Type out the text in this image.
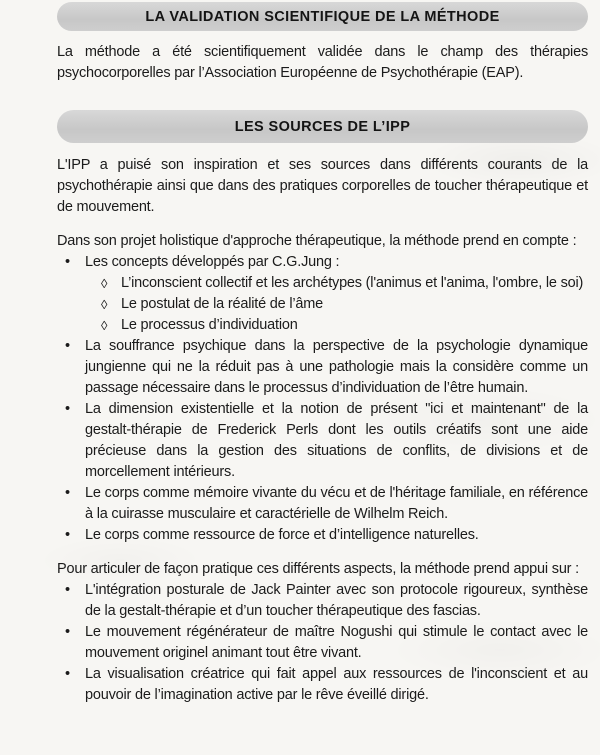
LA VALIDATION SCIENTIFIQUE DE LA MÉTHODE

La méthode a été scientifiquement validée dans le champ des thérapies psychocorporelles par l’Association Européenne de Psychothérapie (EAP).

LES SOURCES DE L’IPP

L'IPP a puisé son inspiration et ses sources dans différents courants de la psychothérapie ainsi que dans des pratiques corporelles de toucher thérapeutique et de mouvement.

Dans son projet holistique d'approche thérapeutique, la méthode prend en compte :

• Les concepts développés par C.G.Jung :
◊ L’inconscient collectif et les archétypes (l'animus et l'anima, l'ombre, le soi)
◊ Le postulat de la réalité de l’âme
◊ Le processus d’individuation
• La souffrance psychique dans la perspective de la psychologie dynamique jungienne qui ne la réduit pas à une pathologie mais la considère comme un passage nécessaire dans le processus d’individuation de l’être humain.
• La dimension existentielle et la notion de présent "ici et maintenant" de la gestalt-thérapie de Frederick Perls dont les outils créatifs sont une aide précieuse dans la gestion des situations de conflits, de divisions et de morcellement intérieurs.
• Le corps comme mémoire vivante du vécu et de l'héritage familiale, en référence à la cuirasse musculaire et caractérielle de Wilhelm Reich.
• Le corps comme ressource de force et d’intelligence naturelles.

Pour articuler de façon pratique ces différents aspects, la méthode prend appui sur :

• L'intégration posturale de Jack Painter avec son protocole rigoureux, synthèse de la gestalt-thérapie et d’un toucher thérapeutique des fascias.
• Le mouvement régénérateur de maître Nogushi qui stimule le contact avec le mouvement originel animant tout être vivant.
• La visualisation créatrice qui fait appel aux ressources de l'inconscient et au pouvoir de l’imagination active par le rêve éveillé dirigé.
